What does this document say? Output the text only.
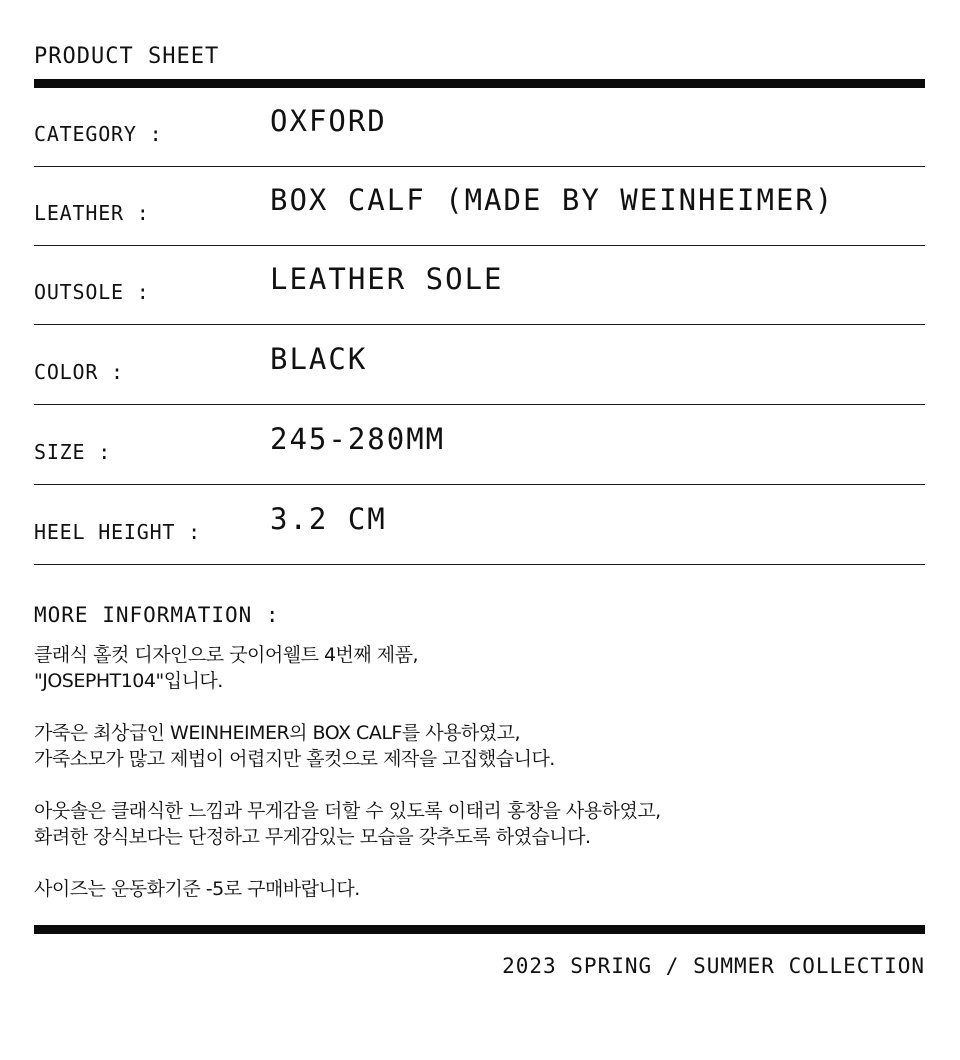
PRODUCT SHEET
CATEGORY :	OXFORD
LEATHER :	BOX CALF (MADE BY WEINHEIMER)
OUTSOLE :	LEATHER SOLE
COLOR :	BLACK
SIZE :	245-280MM
HEEL HEIGHT : 3.2 CM
MORE INFORMATION :
클래식 홀컷 디자인으로 굿이어웰트 4번째 제품,
"JOSEPHT104"입니다.
가죽은 최상급인 WEINHEIMER의 BOX CALF를 사용하였고,
가죽소모가 많고 제법이 어렵지만 홀컷으로 제작을 고집했습니다.
아웃솔은 클래식한 느낌과 무게감을 더할 수 있도록 이태리 홍창을 사용하였고,
화려한 장식보다는 단정하고 무게감있는 모습을 갖추도록 하였습니다.
사이즈는 운동화기준 -5로 구매바랍니다.
2023 SPRING / SUMMER COLLECTION
